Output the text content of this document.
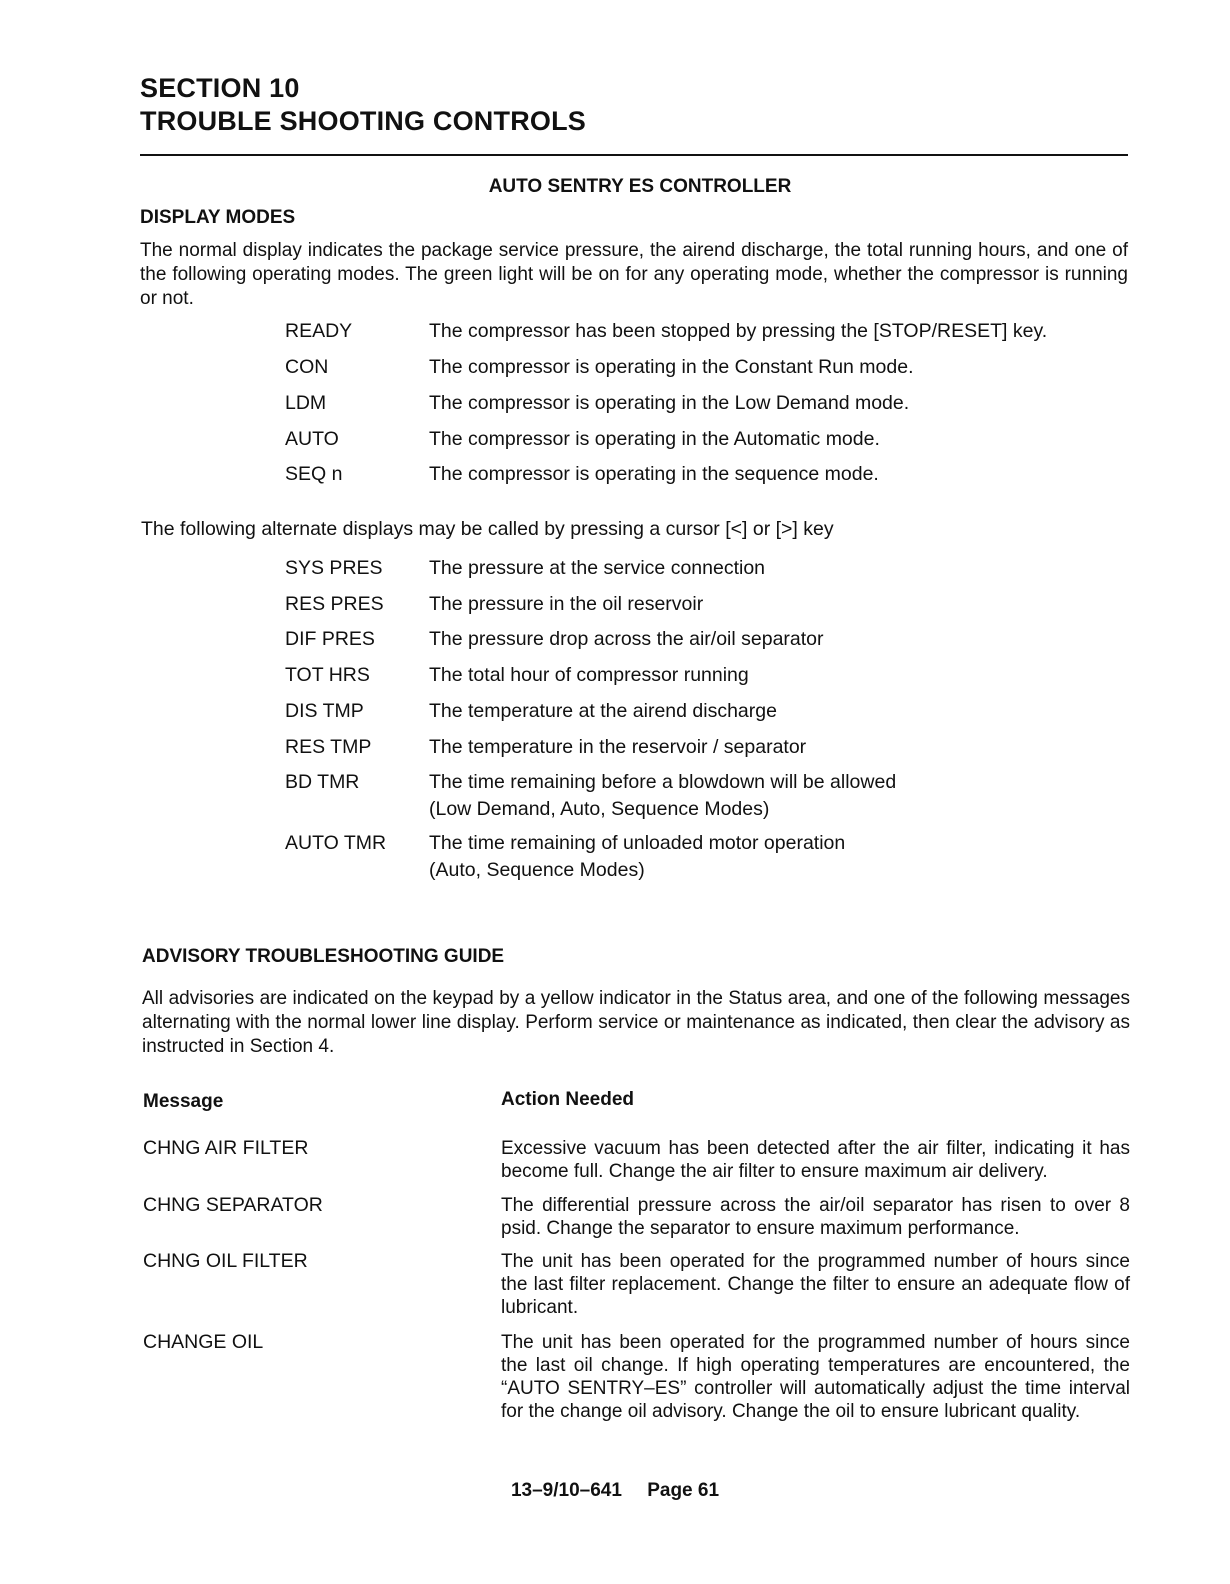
SECTION 10
TROUBLE SHOOTING CONTROLS
AUTO SENTRY ES CONTROLLER
DISPLAY MODES
The normal display indicates the package service pressure, the airend discharge, the total running hours, and one of the following operating modes. The green light will be on for any operating mode, whether the compressor is running or not.
READY	The compressor has been stopped by pressing the [STOP/RESET] key.
CON	The compressor is operating in the Constant Run mode.
LDM	The compressor is operating in the Low Demand mode.
AUTO	The compressor is operating in the Automatic mode.
SEQ n	The compressor is operating in the sequence mode.
The following alternate displays may be called by pressing a cursor [<] or [>] key
SYS PRES The pressure at the service connection
RES PRES The pressure in the oil reservoir
DIF PRES	The pressure drop across the air/oil separator
TOT HRS	The total hour of compressor running
DIS TMP	The temperature at the airend discharge
RES TMP	The temperature in the reservoir / separator
BD TMR	The time remaining before a blowdown will be allowed
(Low Demand, Auto, Sequence Modes)
AUTO TMR The time remaining of unloaded motor operation
(Auto, Sequence Modes)
ADVISORY TROUBLESHOOTING GUIDE
All advisories are indicated on the keypad by a yellow indicator in the Status area, and one of the following messages alternating with the normal lower line display. Perform service or maintenance as indicated, then clear the advisory as instructed in Section 4.
Message	Action Needed
CHNG AIR FILTER	Excessive vacuum has been detected after the air filter, indicating it has become full. Change the air filter to ensure maximum air delivery.
CHNG SEPARATOR	The differential pressure across the air/oil separator has risen to over 8 psid. Change the separator to ensure maximum performance.
CHNG OIL FILTER	The unit has been operated for the programmed number of hours since the last filter replacement. Change the filter to ensure an adequate flow of lubricant.
CHANGE OIL	The unit has been operated for the programmed number of hours since the last oil change. If high operating temperatures are encountered, the “AUTO SENTRY–ES” controller will automatically adjust the time interval for the change oil advisory. Change the oil to ensure lubricant quality.
13–9/10–641 Page 61
